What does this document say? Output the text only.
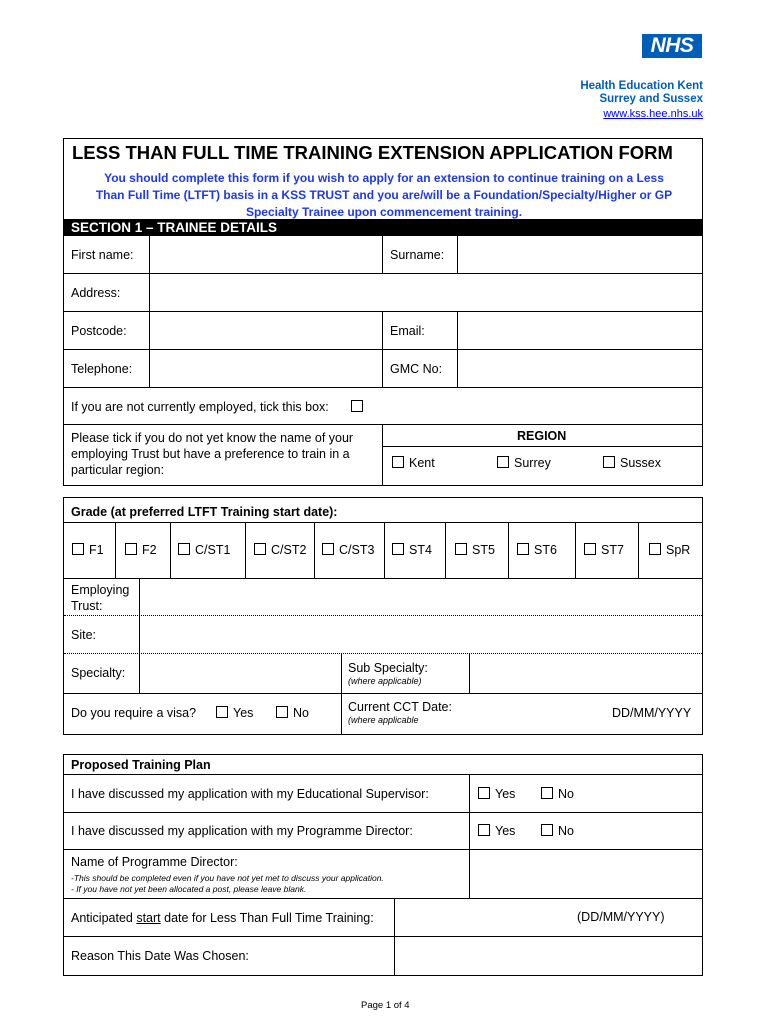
NHS
Health Education Kent
Surrey and Sussex
www.kss.hee.nhs.uk
LESS THAN FULL TIME TRAINING EXTENSION APPLICATION FORM
You should complete this form if you wish to apply for an extension to continue training on a Less
Than Full Time (LTFT) basis in a KSS TRUST and you are/will be a Foundation/Specialty/Higher or GP
Specialty Trainee upon commencement training.
SECTION 1 – TRAINEE DETAILS
First name:	Surname:
Address:
Postcode:	Email:
Telephone:	GMC No:
If you are not currently employed, tick this box:
Please tick if you do not yet know the name of your
employing Trust but have a preference to train in a
particular region:
REGION
Kent	Surrey	Sussex
Grade (at preferred LTFT Training start date):
F1	F2	C/ST1	C/ST2	C/ST3	ST4	ST5	ST6	ST7	SpR
Employing
Trust:
Site:
Specialty:	Sub Specialty:
(where applicable)
Do you require a visa?	Yes	No	Current CCT Date:
(where applicable	DD/MM/YYYY
Proposed Training Plan
I have discussed my application with my Educational Supervisor:	Yes	No
I have discussed my application with my Programme Director:	Yes	No
Name of Programme Director:
-This should be completed even if you have not yet met to discuss your application.
- If you have not yet been allocated a post, please leave blank.
Anticipated start date for Less Than Full Time Training:	(DD/MM/YYYY)
Reason This Date Was Chosen:
Page 1 of 4
